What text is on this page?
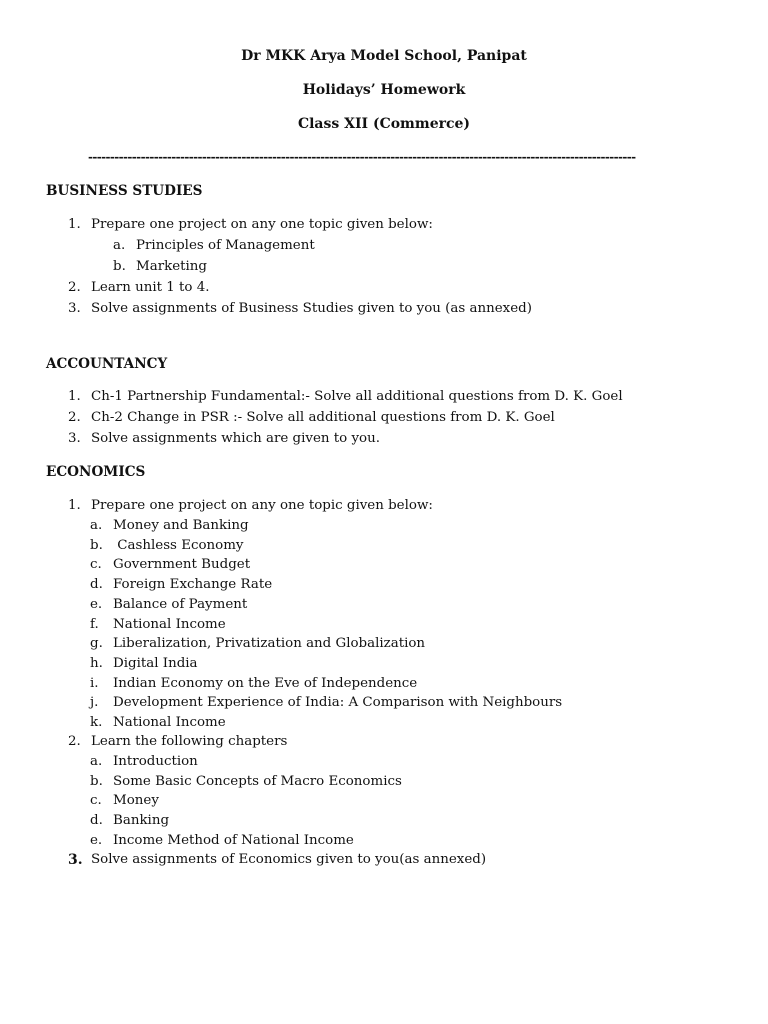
Dr MKK Arya Model School, Panipat
Holidays’ Homework
Class XII (Commerce)
-----------------------------------------------------------------------------------------------------------------------------
BUSINESS STUDIES
1. Prepare one project on any one topic given below:
a. Principles of Management
b. Marketing
2. Learn unit 1 to 4.
3. Solve assignments of Business Studies given to you (as annexed)
ACCOUNTANCY
1. Ch-1 Partnership Fundamental:- Solve all additional questions from D. K. Goel
2. Ch-2 Change in PSR :- Solve all additional questions from D. K. Goel
3. Solve assignments which are given to you.
ECONOMICS
1. Prepare one project on any one topic given below:
a. Money and Banking
b. Cashless Economy
c. Government Budget
d. Foreign Exchange Rate
e. Balance of Payment
f.	National Income
g. Liberalization, Privatization and Globalization
h. Digital India
i.	Indian Economy on the Eve of Independence
j.	Development Experience of India: A Comparison with Neighbours
k. National Income
2. Learn the following chapters
a. Introduction
b. Some Basic Concepts of Macro Economics
c. Money
d. Banking
e. Income Method of National Income
3. Solve assignments of Economics given to you(as annexed)
